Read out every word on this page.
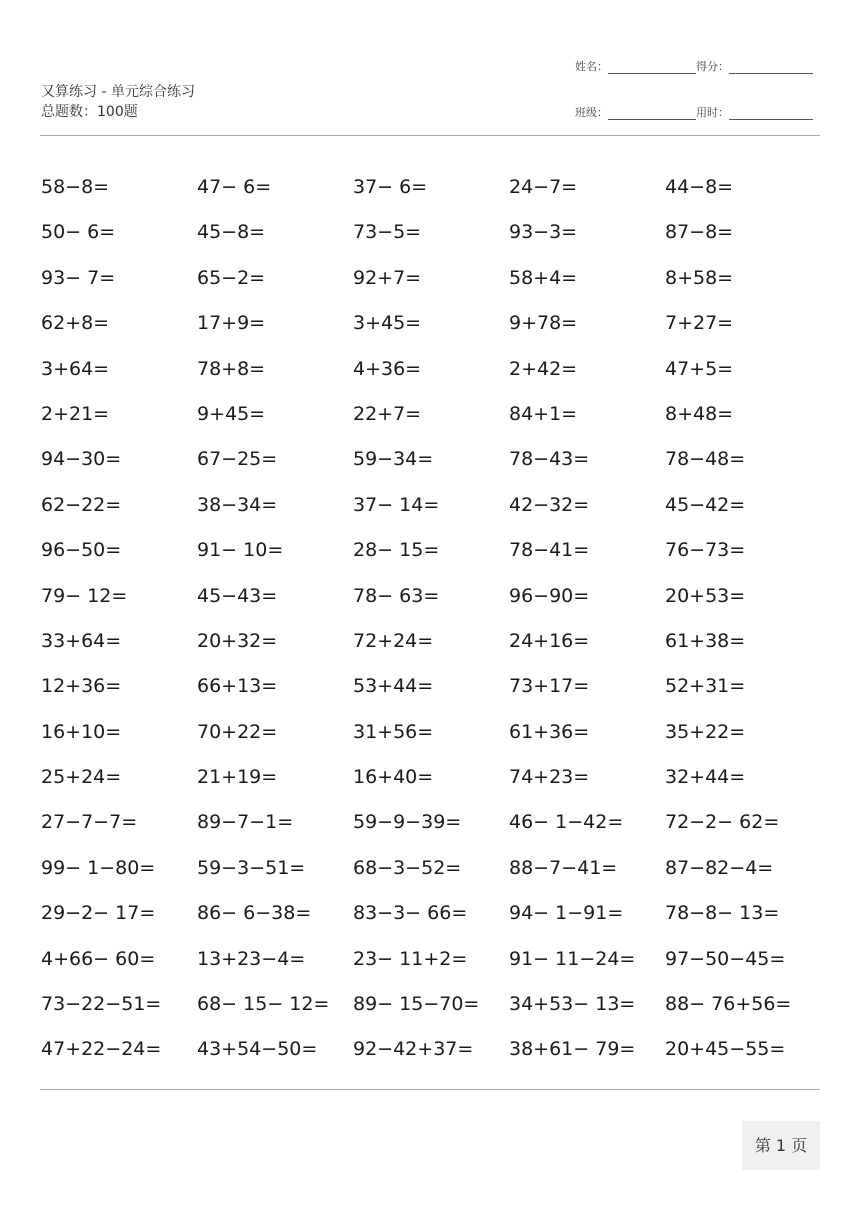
又算练习 - 单元综合练习
总题数：100题
姓名：	得分：
班级：	用时：
58−8=	47− 6=	37− 6=	24−7=	44−8=
50− 6=	45−8=	73−5=	93−3=	87−8=
93− 7=	65−2=	92+7=	58+4=	8+58=
62+8=	17+9=	3+45=	9+78=	7+27=
3+64=	78+8=	4+36=	2+42=	47+5=
2+21=	9+45=	22+7=	84+1=	8+48=
94−30=	67−25=	59−34=	78−43=	78−48=
62−22=	38−34=	37− 14=	42−32=	45−42=
96−50=	91− 10=	28− 15=	78−41=	76−73=
79− 12=	45−43=	78− 63=	96−90=	20+53=
33+64=	20+32=	72+24=	24+16=	61+38=
12+36=	66+13=	53+44=	73+17=	52+31=
16+10=	70+22=	31+56=	61+36=	35+22=
25+24=	21+19=	16+40=	74+23=	32+44=
27−7−7=	89−7−1=	59−9−39=	46− 1−42=	72−2− 62=
99− 1−80=	59−3−51=	68−3−52=	88−7−41=	87−82−4=
29−2− 17=	86− 6−38=	83−3− 66=	94− 1−91=	78−8− 13=
4+66− 60=	13+23−4=	23− 11+2=	91− 11−24=	97−50−45=
73−22−51=	68− 15− 12=	89− 15−70=	34+53− 13=	88− 76+56=
47+22−24=	43+54−50=	92−42+37=	38+61− 79=	20+45−55=
第 1 页
